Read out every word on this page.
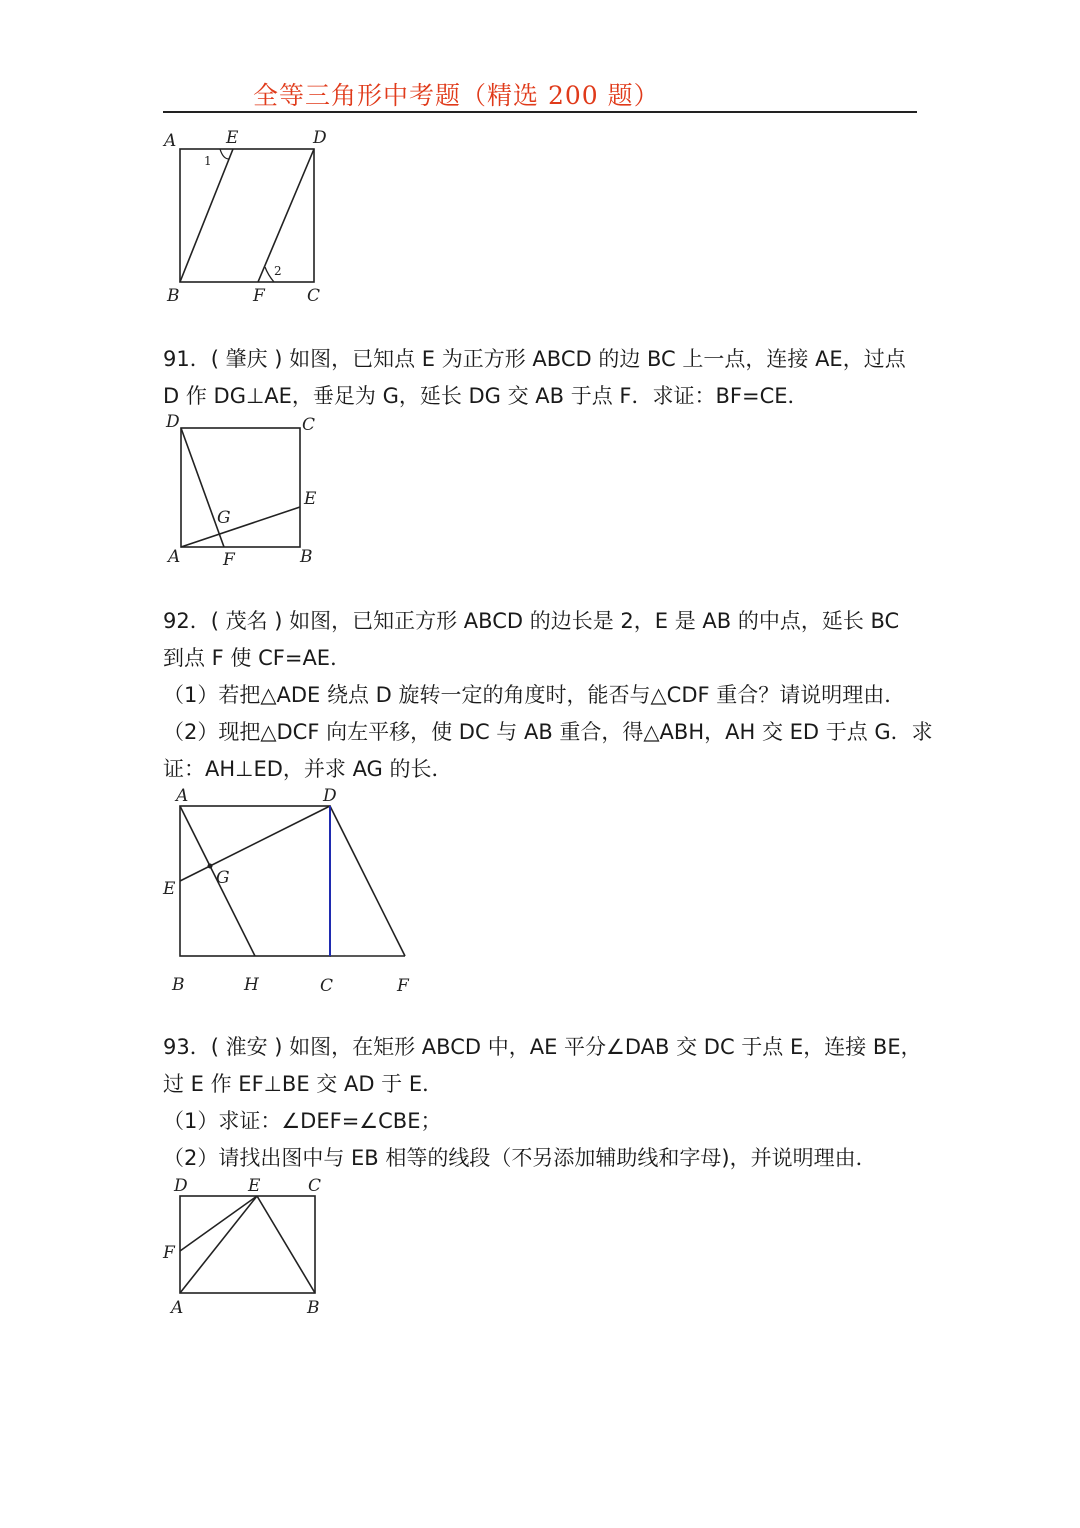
全等三角形中考题（精选 200 题）
A	E	D
B	F C
1
2
91．( 肇庆 ) 如图，已知点 E 为正方形 ABCD 的边 BC 上一点，连接 AE，过点
D 作 DG⊥AE，垂足为 G，延长 DG 交 AB 于点 F．求证：BF=CE．
D	C
E
G
A	F	B
92．( 茂名 ) 如图，已知正方形 ABCD 的边长是 2，E 是 AB 的中点，延长 BC
到点 F 使 CF=AE．
（1）若把△ADE 绕点 D 旋转一定的角度时，能否与△CDF 重合？请说明理由．
（2）现把△DCF 向左平移，使 DC 与 AB 重合，得△ABH，AH 交 ED 于点 G．求
证：AH⊥ED，并求 AG 的长．
A	D
E
G
B	H	C	F
93．( 淮安 ) 如图，在矩形 ABCD 中，AE 平分∠DAB 交 DC 于点 E，连接 BE，
过 E 作 EF⊥BE 交 AD 于 E．
（1）求证：∠DEF=∠CBE；
（2）请找出图中与 EB 相等的线段（不另添加辅助线和字母)，并说明理由．
D	E	C
F
A	B
